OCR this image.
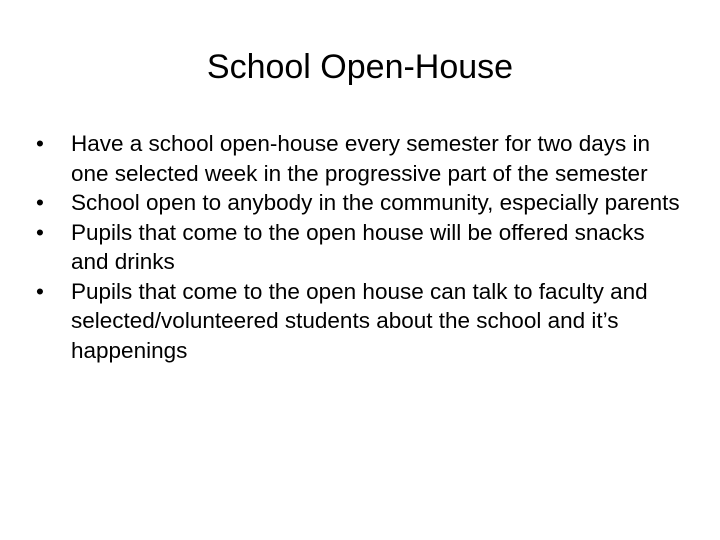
School Open-House
•	Have a school open-house every semester for two days in one selected week in the progressive part of the semester
•	School open to anybody in the community, especially parents
•	Pupils that come to the open house will be offered snacks and drinks
•	Pupils that come to the open house can talk to faculty and selected/volunteered students about the school and it’s happenings
